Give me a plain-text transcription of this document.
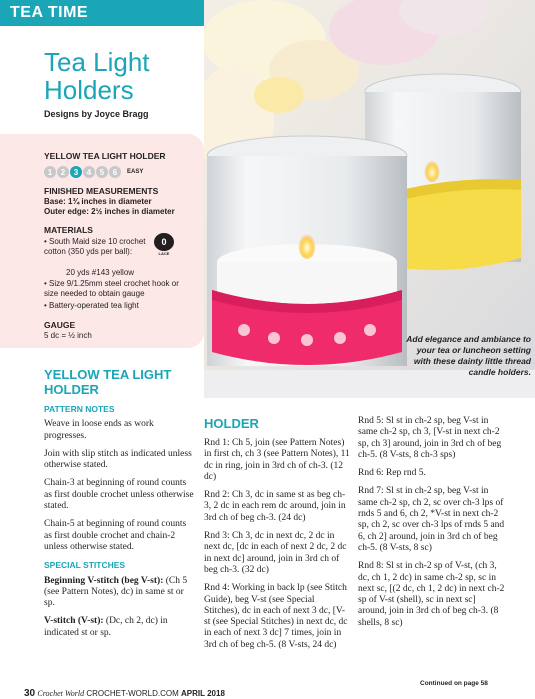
TEA TIME
Tea Light Holders
Designs by Joyce Bragg
YELLOW TEA LIGHT HOLDER
1	2	3	4	5	6	EASY
FINISHED MEASUREMENTS
Base: 1¾ inches in diameter
Outer edge: 2½ inches in diameter
MATERIALS
• South Maid size 10 crochet cotton (350 yds per ball):
20 yds #143 yellow
• Size 9/1.25mm steel crochet hook or size needed to obtain gauge
• Battery-operated tea light
GAUGE
5 dc = ½ inch
0
LACE
Add elegance and ambiance to your tea or luncheon setting with these dainty little thread candle holders.
YELLOW TEA LIGHT HOLDER
PATTERN NOTES
Weave in loose ends as work progresses.
Join with slip stitch as indicated unless otherwise stated.
Chain-3 at beginning of round counts as first double crochet unless otherwise stated.
Chain-5 at beginning of round counts as first double crochet and chain-2 unless otherwise stated.
SPECIAL STITCHES
Beginning V-stitch (beg V-st): (Ch 5 (see Pattern Notes), dc) in same st or sp.
V-stitch (V-st): (Dc, ch 2, dc) in indicated st or sp.
HOLDER
Rnd 1: Ch 5, join (see Pattern Notes) in first ch, ch 3 (see Pattern Notes), 11 dc in ring, join in 3rd ch of ch-3. (12 dc)
Rnd 2: Ch 3, dc in same st as beg ch-3, 2 dc in each rem dc around, join in 3rd ch of beg ch-3. (24 dc)
Rnd 3: Ch 3, dc in next dc, 2 dc in next dc, [dc in each of next 2 dc, 2 dc in next dc] around, join in 3rd ch of beg ch-3. (32 dc)
Rnd 4: Working in back lp (see Stitch Guide), beg V-st (see Special Stitches), dc in each of next 3 dc, [V-st (see Special Stitches) in next dc, dc in each of next 3 dc] 7 times, join in 3rd ch of beg ch-5. (8 V-sts, 24 dc)
Rnd 5: Sl st in ch-2 sp, beg V-st in same ch-2 sp, ch 3, [V-st in next ch-2 sp, ch 3] around, join in 3rd ch of beg ch-5. (8 V-sts, 8 ch-3 sps)
Rnd 6: Rep rnd 5.
Rnd 7: Sl st in ch-2 sp, beg V-st in same ch-2 sp, ch 2, sc over ch-3 lps of rnds 5 and 6, ch 2, *V-st in next ch-2 sp, ch 2, sc over ch-3 lps of rnds 5 and 6, ch 2] around, join in 3rd ch of beg ch-5. (8 V-sts, 8 sc)
Rnd 8: Sl st in ch-2 sp of V-st, (ch 3, dc, ch 1, 2 dc) in same ch-2 sp, sc in next sc, [(2 dc, ch 1, 2 dc) in next ch-2 sp of V-st (shell), sc in next sc] around, join in 3rd ch of beg ch-3. (8 shells, 8 sc)
Continued on page 58
30 Crochet World CROCHET-WORLD.COM APRIL 2018
